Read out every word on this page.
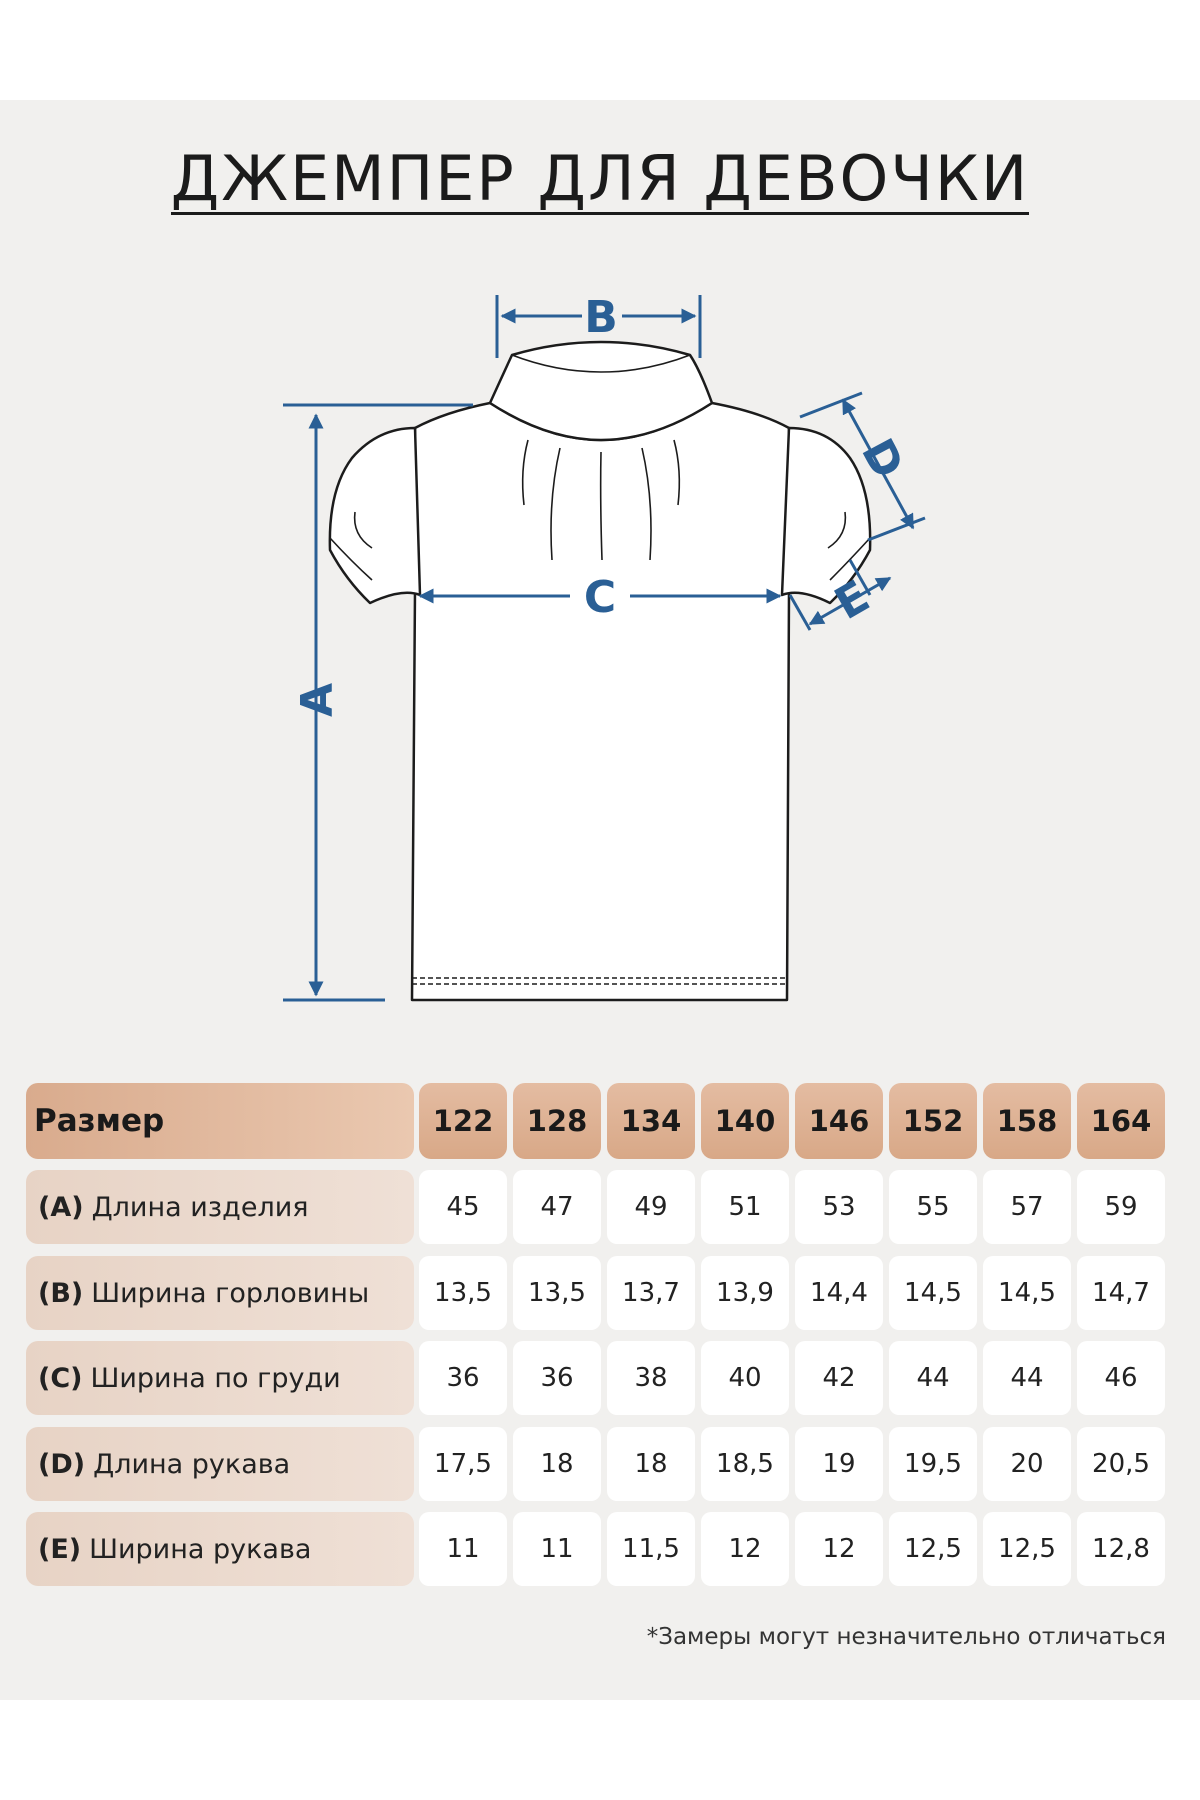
ДЖЕМПЕР ДЛЯ ДЕВОЧКИ
A
B
C
D
E
Размер	122	128	134	140	146	152	158	164
(A) Длина изделия	45	47	49	51	53	55	57	59
(B) Ширина горловины	13,5	13,5	13,7	13,9	14,4	14,5	14,5	14,7
(C) Ширина по груди	36	36	38	40	42	44	44	46
(D) Длина рукава	17,5	18	18	18,5	19	19,5	20	20,5
(E) Ширина рукава	11	11	11,5	12	12	12,5	12,5	12,8
*Замеры могут незначительно отличаться
